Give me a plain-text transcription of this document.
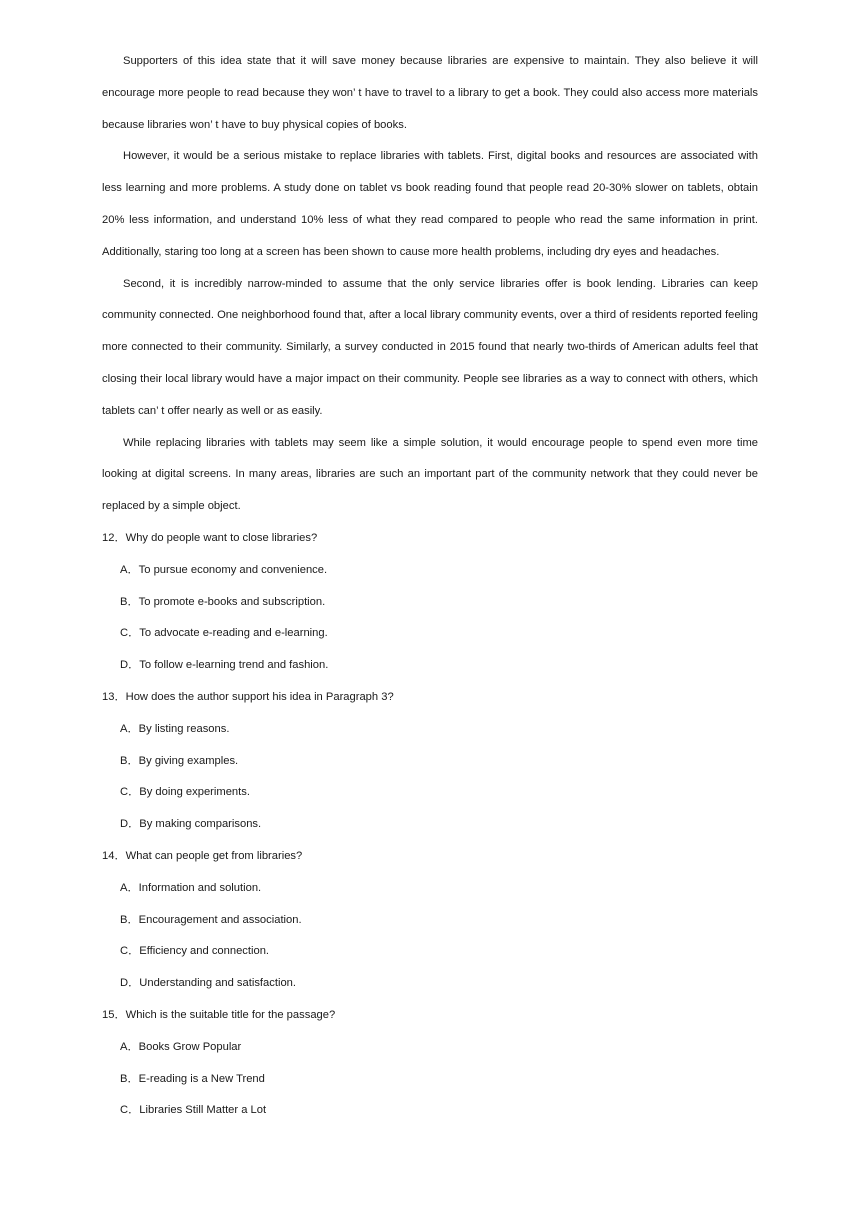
Supporters of this idea state that it will save money because libraries are expensive to maintain. They also believe it will encourage more people to read because they won’ t have to travel to a library to get a book. They could also access more materials because libraries won’ t have to buy physical copies of books.

However, it would be a serious mistake to replace libraries with tablets. First, digital books and resources are associated with less learning and more problems. A study done on tablet vs book reading found that people read 20-30% slower on tablets, obtain 20% less information, and understand 10% less of what they read compared to people who read the same information in print. Additionally, staring too long at a screen has been shown to cause more health problems, including dry eyes and headaches.

Second, it is incredibly narrow-minded to assume that the only service libraries offer is book lending. Libraries can keep community connected. One neighborhood found that, after a local library community events, over a third of residents reported feeling more connected to their community. Similarly, a survey conducted in 2015 found that nearly two-thirds of American adults feel that closing their local library would have a major impact on their community. People see libraries as a way to connect with others, which tablets can’ t offer nearly as well or as easily.

While replacing libraries with tablets may seem like a simple solution, it would encourage people to spend even more time looking at digital screens. In many areas, libraries are such an important part of the community network that they could never be replaced by a simple object.

12．Why do people want to close libraries?

A．To pursue economy and convenience.

B．To promote e-books and subscription.

C．To advocate e-reading and e-learning.

D．To follow e-learning trend and fashion.

13．How does the author support his idea in Paragraph 3?

A．By listing reasons.

B．By giving examples.

C．By doing experiments.

D．By making comparisons.

14．What can people get from libraries?

A．Information and solution.

B．Encouragement and association.

C．Efficiency and connection.

D．Understanding and satisfaction.

15．Which is the suitable title for the passage?

A．Books Grow Popular

B．E-reading is a New Trend

C．Libraries Still Matter a Lot
